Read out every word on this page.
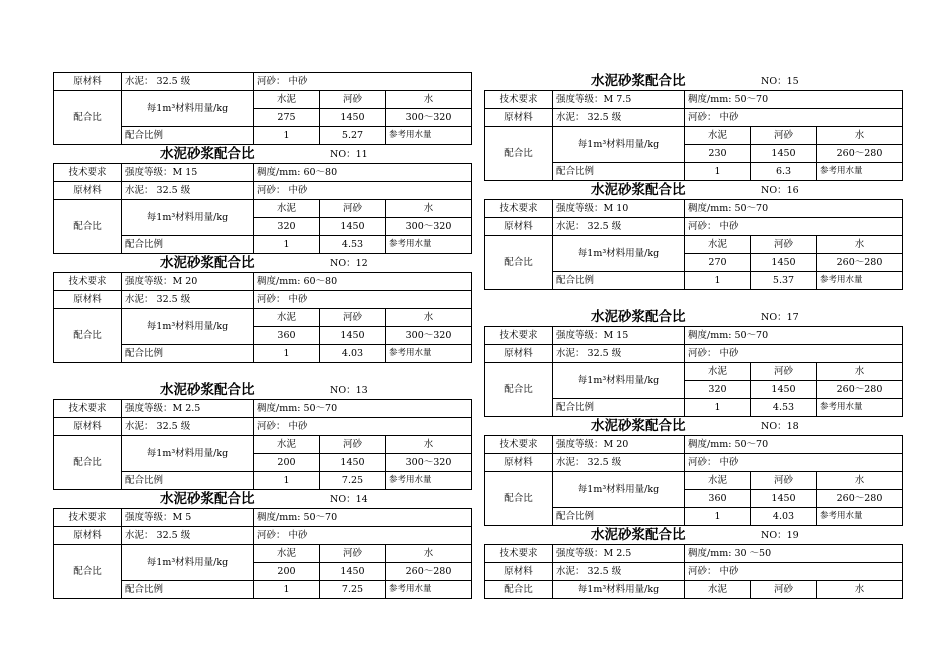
原材料	水泥： 32.5 级	河砂： 中砂		
配合比	每1m³材料用量/kg	水泥	河砂	水
		275	1450	300～320
	配合比例	1	5.27	参考用水量
水泥砂浆配合比	NO：11
技术要求	强度等级：M 15	稠度/mm: 60～80		
原材料	水泥： 32.5 级	河砂： 中砂		
配合比	每1m³材料用量/kg	水泥	河砂	水
		320	1450	300～320
	配合比例	1	4.53	参考用水量
水泥砂浆配合比	NO：12
技术要求	强度等级：M 20	稠度/mm: 60～80		
原材料	水泥： 32.5 级	河砂： 中砂		
配合比	每1m³材料用量/kg	水泥	河砂	水
		360	1450	300～320
	配合比例	1	4.03	参考用水量
水泥砂浆配合比	NO：13
技术要求	强度等级：M 2.5	稠度/mm: 50～70		
原材料	水泥： 32.5 级	河砂： 中砂		
配合比	每1m³材料用量/kg	水泥	河砂	水
		200	1450	300～320
	配合比例	1	7.25	参考用水量
水泥砂浆配合比	NO：14
技术要求	强度等级：M 5	稠度/mm: 50～70		
原材料	水泥： 32.5 级	河砂： 中砂		
配合比	每1m³材料用量/kg	水泥	河砂	水
		200	1450	260～280
	配合比例	1	7.25	参考用水量
水泥砂浆配合比	NO：15
技术要求	强度等级：M 7.5	稠度/mm: 50～70		
原材料	水泥： 32.5 级	河砂： 中砂		
配合比	每1m³材料用量/kg	水泥	河砂	水
		230	1450	260～280
	配合比例	1	6.3	参考用水量
水泥砂浆配合比	NO：16
技术要求	强度等级：M 10	稠度/mm: 50～70		
原材料	水泥： 32.5 级	河砂： 中砂		
配合比	每1m³材料用量/kg	水泥	河砂	水
		270	1450	260～280
	配合比例	1	5.37	参考用水量
水泥砂浆配合比	NO：17
技术要求	强度等级：M 15	稠度/mm: 50～70		
原材料	水泥： 32.5 级	河砂： 中砂		
配合比	每1m³材料用量/kg	水泥	河砂	水
		320	1450	260～280
	配合比例	1	4.53	参考用水量
水泥砂浆配合比	NO：18
技术要求	强度等级：M 20	稠度/mm: 50～70		
原材料	水泥： 32.5 级	河砂： 中砂		
配合比	每1m³材料用量/kg	水泥	河砂	水
		360	1450	260～280
	配合比例	1	4.03	参考用水量
水泥砂浆配合比	NO：19
技术要求	强度等级：M 2.5	稠度/mm: 30 ～50		
原材料	水泥： 32.5 级	河砂： 中砂		
配合比	每1m³材料用量/kg	水泥	河砂	水
